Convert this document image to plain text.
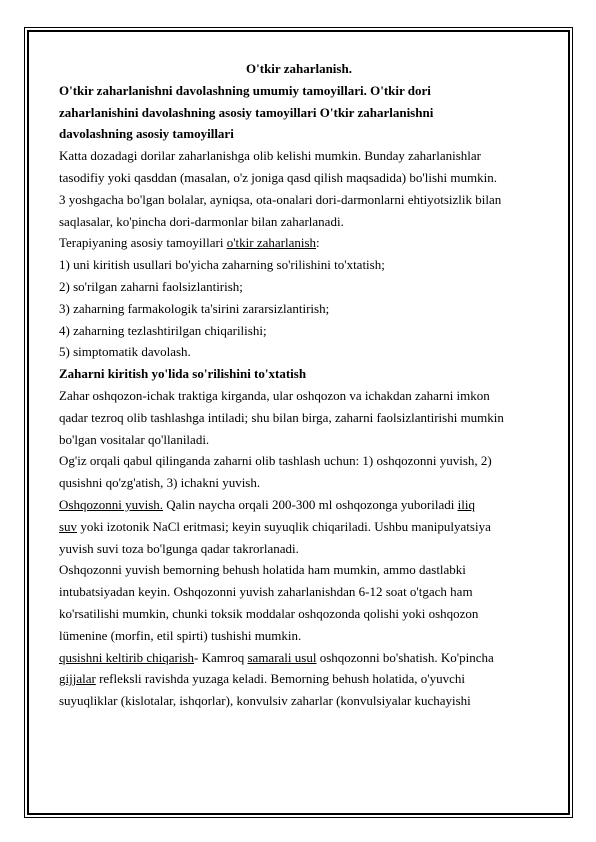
O'tkir zaharlanish.
O'tkir zaharlanishni davolashning umumiy tamoyillari. O'tkir dori
zaharlanishini davolashning asosiy tamoyillari O'tkir zaharlanishni
davolashning asosiy tamoyillari
Katta dozadagi dorilar zaharlanishga olib kelishi mumkin. Bunday zaharlanishlar
tasodifiy yoki qasddan (masalan, o'z joniga qasd qilish maqsadida) bo'lishi mumkin.
3 yoshgacha bo'lgan bolalar, ayniqsa, ota-onalari dori-darmonlarni ehtiyotsizlik bilan
saqlasalar, ko'pincha dori-darmonlar bilan zaharlanadi.
Terapiyaning asosiy tamoyillari o'tkir zaharlanish:
1) uni kiritish usullari bo'yicha zaharning so'rilishini to'xtatish;
2) so'rilgan zaharni faolsizlantirish;
3) zaharning farmakologik ta'sirini zararsizlantirish;
4) zaharning tezlashtirilgan chiqarilishi;
5) simptomatik davolash.
Zaharni kiritish yo'lida so'rilishini to'xtatish
Zahar oshqozon-ichak traktiga kirganda, ular oshqozon va ichakdan zaharni imkon
qadar tezroq olib tashlashga intiladi; shu bilan birga, zaharni faolsizlantirishi mumkin
bo'lgan vositalar qo'llaniladi.
Og'iz orqali qabul qilinganda zaharni olib tashlash uchun: 1) oshqozonni yuvish, 2)
qusishni qo'zg'atish, 3) ichakni yuvish.
Oshqozonni yuvish. Qalin naycha orqali 200-300 ml oshqozonga yuboriladi iliq
suv yoki izotonik NaCl eritmasi; keyin suyuqlik chiqariladi. Ushbu manipulyatsiya
yuvish suvi toza bo'lgunga qadar takrorlanadi.
Oshqozonni yuvish bemorning behush holatida ham mumkin, ammo dastlabki
intubatsiyadan keyin. Oshqozonni yuvish zaharlanishdan 6-12 soat o'tgach ham
ko'rsatilishi mumkin, chunki toksik moddalar oshqozonda qolishi yoki oshqozon
lümenine (morfin, etil spirti) tushishi mumkin.
qusishni keltirib chiqarish- Kamroq samarali usul oshqozonni bo'shatish. Ko'pincha
gijjalar refleksli ravishda yuzaga keladi. Bemorning behush holatida, o'yuvchi
suyuqliklar (kislotalar, ishqorlar), konvulsiv zaharlar (konvulsiyalar kuchayishi
